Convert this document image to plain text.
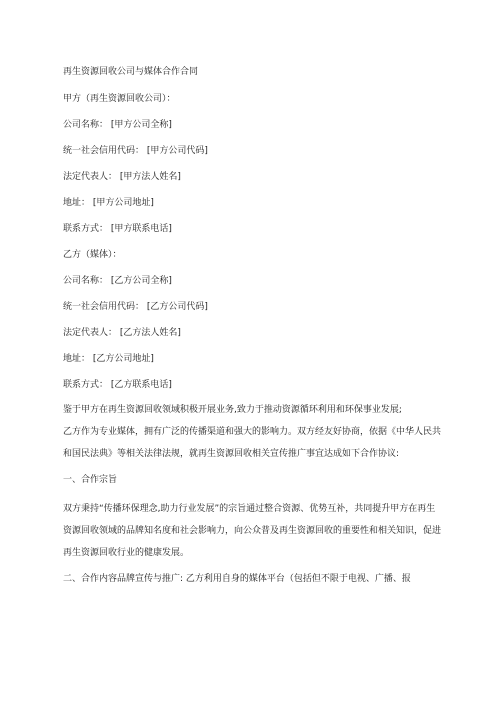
再生资源回收公司与媒体合作合同
甲方（再生资源回收公司）：
公司名称： [甲方公司全称]
统一社会信用代码： [甲方公司代码]
法定代表人： [甲方法人姓名]
地址： [甲方公司地址]
联系方式： [甲方联系电话]
乙方（媒体）：
公司名称： [乙方公司全称]
统一社会信用代码： [乙方公司代码]
法定代表人： [乙方法人姓名]
地址： [乙方公司地址]
联系方式： [乙方联系电话]

鉴于甲方在再生资源回收领域积极开展业务,致力于推动资源循环利用和环保事业发展;

乙方作为专业媒体，拥有广泛的传播渠道和强大的影响力。双方经友好协商，依据《中华人民共和国民法典》等相关法律法规，就再生资源回收相关宣传推广事宜达成如下合作协议:

一、合作宗旨

双方秉持“传播环保理念,助力行业发展”的宗旨通过整合资源、优势互补，共同提升甲方在再生资源回收领域的品牌知名度和社会影响力，向公众普及再生资源回收的重要性和相关知识，促进再生资源回收行业的健康发展。

二、合作内容品牌宣传与推广: 乙方利用自身的媒体平台（包括但不限于电视、广播、报
